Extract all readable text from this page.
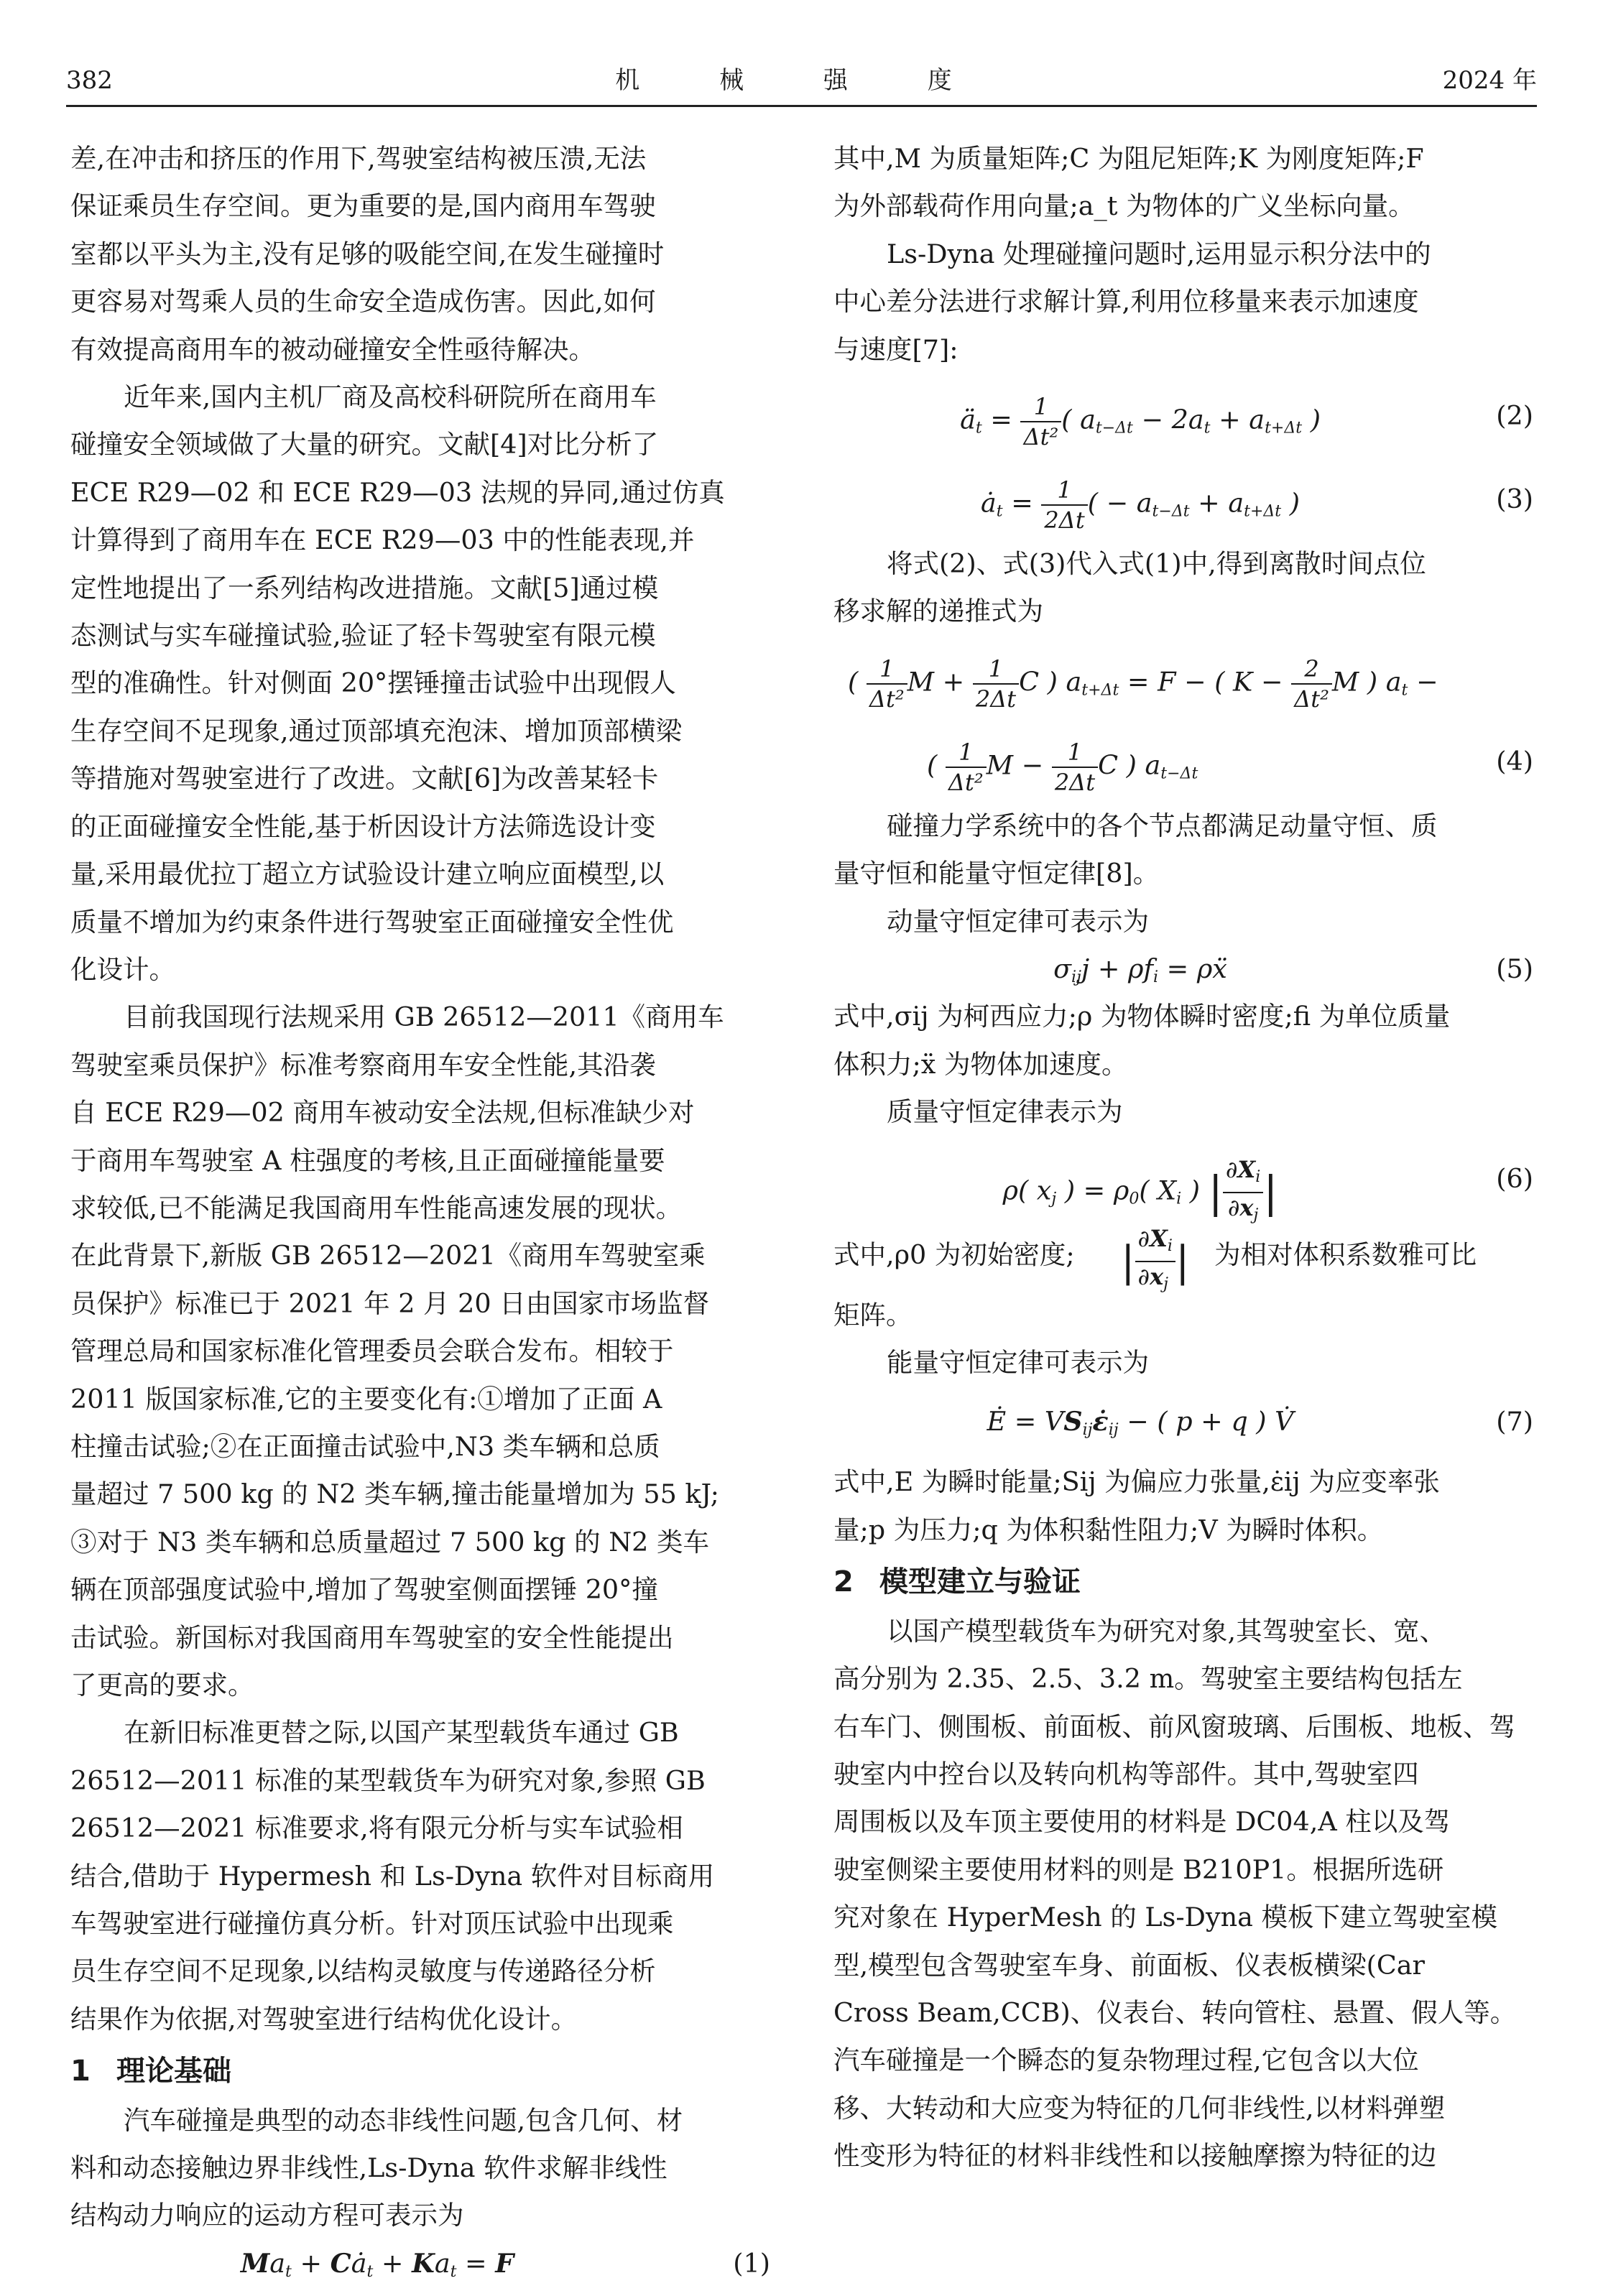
382	机 械 强 度	2024 年
差,在冲击和挤压的作用下,驾驶室结构被压溃,无法
保证乘员生存空间。更为重要的是,国内商用车驾驶
室都以平头为主,没有足够的吸能空间,在发生碰撞时
更容易对驾乘人员的生命安全造成伤害。因此,如何
有效提高商用车的被动碰撞安全性亟待解决。
近年来,国内主机厂商及高校科研院所在商用车
碰撞安全领域做了大量的研究。文献[4]对比分析了
ECE R29—02 和 ECE R29—03 法规的异同,通过仿真
计算得到了商用车在 ECE R29—03 中的性能表现,并
定性地提出了一系列结构改进措施。文献[5]通过模
态测试与实车碰撞试验,验证了轻卡驾驶室有限元模
型的准确性。针对侧面 20°摆锤撞击试验中出现假人
生存空间不足现象,通过顶部填充泡沫、增加顶部横梁
等措施对驾驶室进行了改进。文献[6]为改善某轻卡
的正面碰撞安全性能,基于析因设计方法筛选设计变
量,采用最优拉丁超立方试验设计建立响应面模型,以
质量不增加为约束条件进行驾驶室正面碰撞安全性优
化设计。
目前我国现行法规采用 GB 26512—2011《商用车
驾驶室乘员保护》标准考察商用车安全性能,其沿袭
自 ECE R29—02 商用车被动安全法规,但标准缺少对
于商用车驾驶室 A 柱强度的考核,且正面碰撞能量要
求较低,已不能满足我国商用车性能高速发展的现状。
在此背景下,新版 GB 26512—2021《商用车驾驶室乘
员保护》标准已于 2021 年 2 月 20 日由国家市场监督
管理总局和国家标准化管理委员会联合发布。相较于
2011 版国家标准,它的主要变化有:①增加了正面 A
柱撞击试验;②在正面撞击试验中,N3 类车辆和总质
量超过 7 500 kg 的 N2 类车辆,撞击能量增加为 55 kJ;
③对于 N3 类车辆和总质量超过 7 500 kg 的 N2 类车
辆在顶部强度试验中,增加了驾驶室侧面摆锤 20°撞
击试验。新国标对我国商用车驾驶室的安全性能提出
了更高的要求。
在新旧标准更替之际,以国产某型载货车通过 GB
26512—2011 标准的某型载货车为研究对象,参照 GB
26512—2021 标准要求,将有限元分析与实车试验相
结合,借助于 Hypermesh 和 Ls-Dyna 软件对目标商用
车驾驶室进行碰撞仿真分析。针对顶压试验中出现乘
员生存空间不足现象,以结构灵敏度与传递路径分析
结果作为依据,对驾驶室进行结构优化设计。
1 理论基础
汽车碰撞是典型的动态非线性问题,包含几何、材
料和动态接触边界非线性,Ls-Dyna 软件求解非线性
结构动力响应的运动方程可表示为
$Ma_t$ + $Cȧ_t + Ka_t = F$	(1)
其中,M 为质量矩阵;C 为阻尼矩阵;K 为刚度矩阵;F
为外部载荷作用向量;a_t 为物体的广义坐标向量。
Ls-Dyna 处理碰撞问题时,运用显示积分法中的
中心差分法进行求解计算,利用位移量来表示加速度
与速度[7]:
$ä_t = \frac{1}{\text{Δt²}}$ ( $a_{t-\Delta t} - 2a_t + a_{t+\Delta t}$ )	(2)
$ȧ_t = \frac{1}{2\Delta t}$ ( − $a_{t-\Delta t} + a_{t+\Delta t}$ )	(3)
将式(2)、式(3)代入式(1)中,得到离散时间点位
移求解的递推式为
( $\frac{1}{\text{Δt²}}$ $M + \frac{1}{2\Delta t}$ C ) $a_{t+\Delta t} = F$ − ( $K - \frac{2}{\text{Δt²}}$ M ) $a_t$ −
( $\frac{1}{\text{Δt²}}$ $M - \frac{1}{2\Delta t}$ C ) $a_{t-\Delta t}$	(4)
碰撞力学系统中的各个节点都满足动量守恒、质
量守恒和能量守恒定律[8]。
动量守恒定律可表示为
$\sigma_{ij}j + \rho f_i$ = ρẍ	(5)
式中,σij 为柯西应力;ρ 为物体瞬时密度;fi 为单位质量
体积力;ẍ 为物体加速度。
质量守恒定律表示为
ρ( $x_j$ ) = $\rho_0$( $X_i$ ) | $\frac{\partial X_i}{\partial x_j}$ |	(6)
式中,ρ0 为初始密度; | $\frac{\partial X_i}{\partial x_j}$ | 为相对体积系数雅可比
矩阵。
能量守恒定律可表示为
Ė = $VS_{ij}\varepsiloṅ_{ij}$ − ( p + q ) V̇	(7)
式中,E 为瞬时能量;Sij 为偏应力张量,ε̇ij 为应变率张
量;p 为压力;q 为体积黏性阻力;V 为瞬时体积。
2 模型建立与验证
以国产模型载货车为研究对象,其驾驶室长、宽、
高分别为 2.35、2.5、3.2 m。驾驶室主要结构包括左
右车门、侧围板、前面板、前风窗玻璃、后围板、地板、驾
驶室内中控台以及转向机构等部件。其中,驾驶室四
周围板以及车顶主要使用的材料是 DC04,A 柱以及驾
驶室侧梁主要使用材料的则是 B210P1。根据所选研
究对象在 HyperMesh 的 Ls-Dyna 模板下建立驾驶室模
型,模型包含驾驶室车身、前面板、仪表板横梁(Car
Cross Beam,CCB)、仪表台、转向管柱、悬置、假人等。
汽车碰撞是一个瞬态的复杂物理过程,它包含以大位
移、大转动和大应变为特征的几何非线性,以材料弹塑
性变形为特征的材料非线性和以接触摩擦为特征的边
